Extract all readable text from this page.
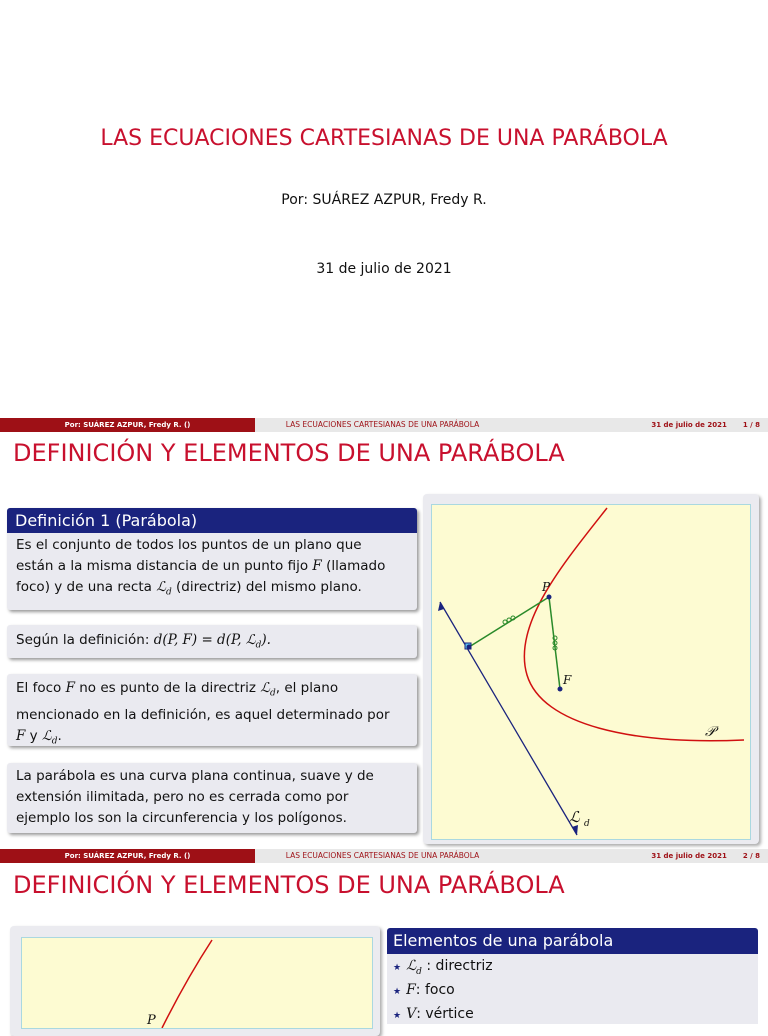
LAS ECUACIONES CARTESIANAS DE UNA PARÁBOLA
Por: SUÁREZ AZPUR, Fredy R.
31 de julio de 2021
Por: SUÁREZ AZPUR, Fredy R. ()	LAS ECUACIONES CARTESIANAS DE UNA PARÁBOLA	31 de julio de 2021 1 / 8
DEFINICIÓN Y ELEMENTOS DE UNA PARÁBOLA
Definición 1 (Parábola)
Es el conjunto de todos los puntos de un plano que
están a la misma distancia de un punto fijo F (llamado
foco) y de una recta ℒ$_d$ (directriz) del mismo plano.
Según la definición: d(P, F) = d(P, ℒ$_d$).
El foco F no es punto de la directriz ℒ$_d$, el plano
mencionado en la definición, es aquel determinado por
F y ℒ$_d$.
La parábola es una curva plana continua, suave y de
extensión ilimitada, pero no es cerrada como por
ejemplo los son la circunferencia y los polígonos.
P
F
𝒫
ℒ d
Por: SUÁREZ AZPUR, Fredy R. ()	LAS ECUACIONES CARTESIANAS DE UNA PARÁBOLA	31 de julio de 2021 2 / 8
DEFINICIÓN Y ELEMENTOS DE UNA PARÁBOLA
P
Elementos de una parábola
★ ℒ$_d$ : directriz
★ F: foco
★ V: vértice
